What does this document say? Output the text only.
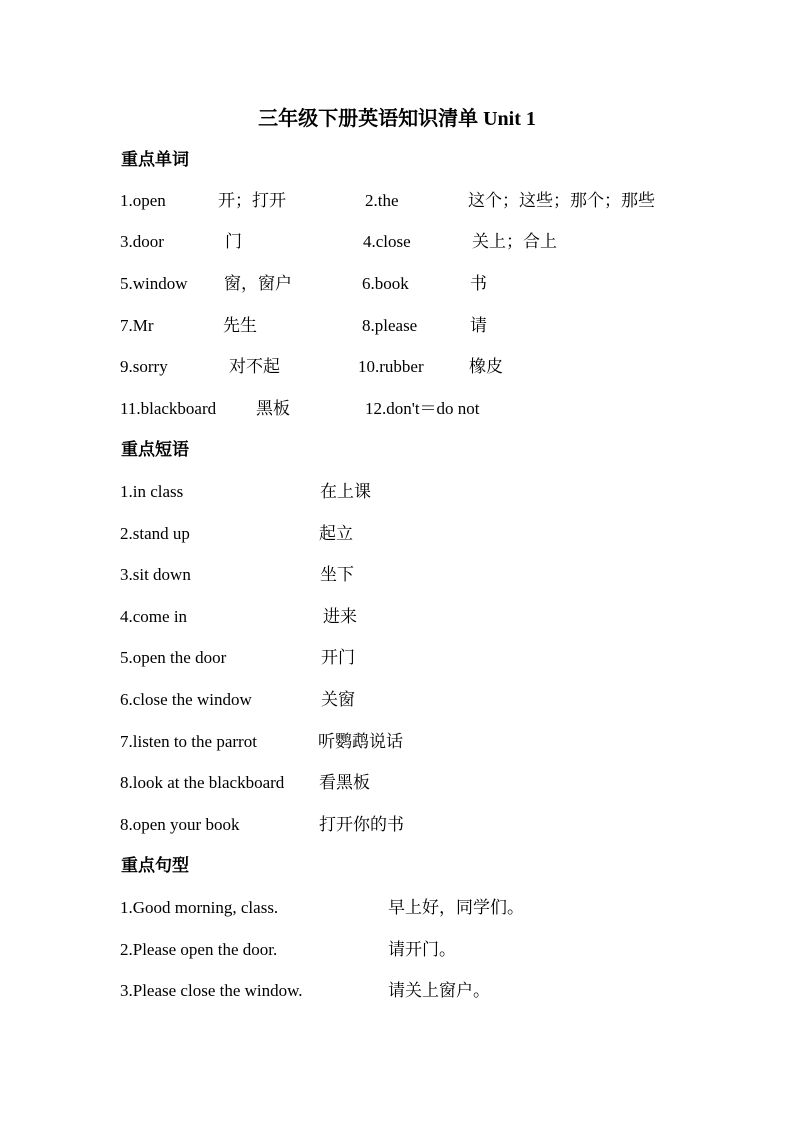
三年级下册英语知识清单 Unit 1
重点单词
1.open	开；打开	2.the	这个；这些；那个；那些
3.door	门	4.close	关上；合上
5.window 窗，窗户	6.book	书
7.Mr	先生	8.please	请
9.sorry	对不起	10.rubber	橡皮
11.blackboard 黑板	12.don't＝do not
重点短语
1.in class	在上课
2.stand up	起立
3.sit down	坐下
4.come in	进来
5.open the door	开门
6.close the window	关窗
7.listen to the parrot	听鹦鹉说话
8.look at the blackboard 看黑板
8.open your book	打开你的书
重点句型
1.Good morning, class.	早上好，同学们。
2.Please open the door.	请开门。
3.Please close the window.	请关上窗户。
